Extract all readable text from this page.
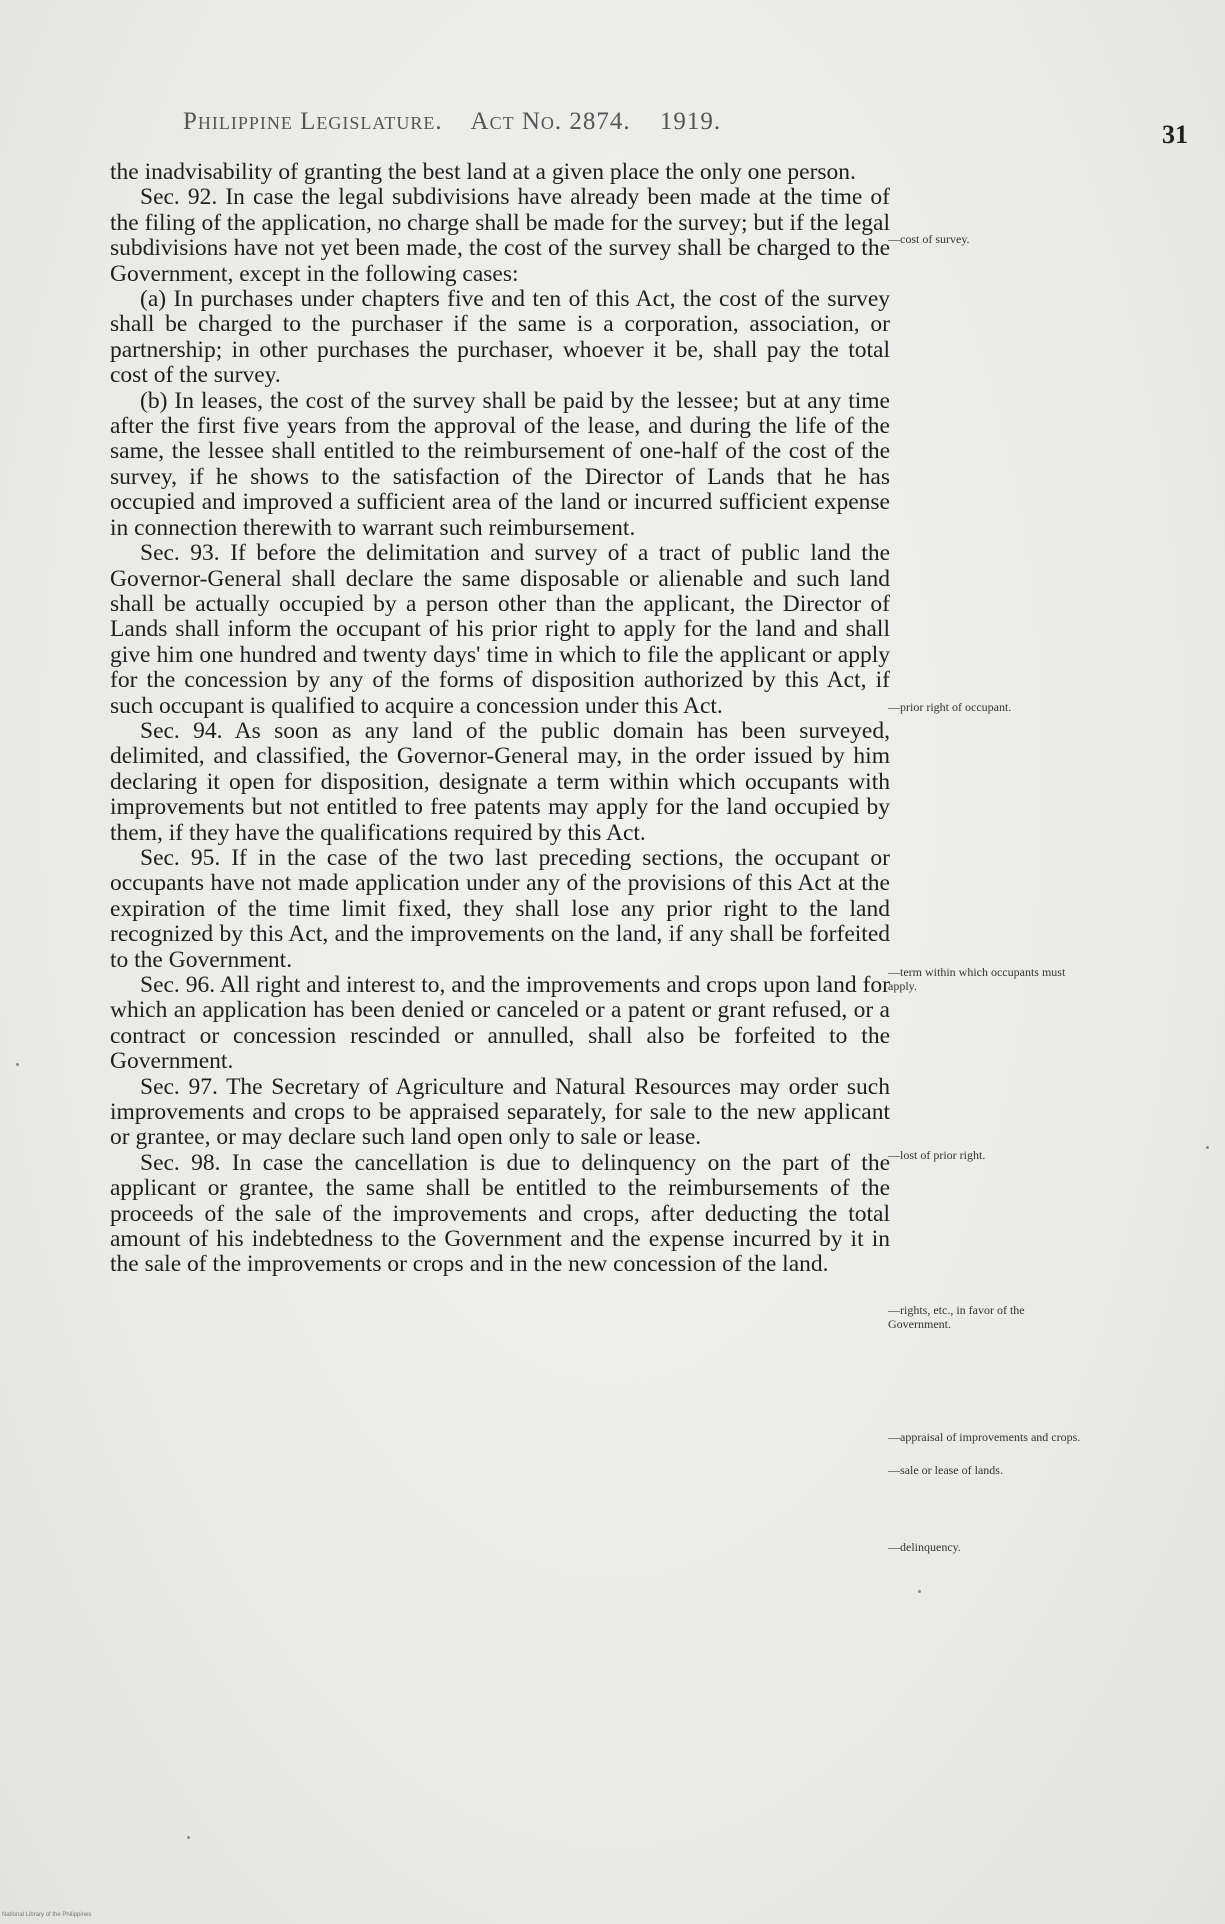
Philippine Legislature. Act No. 2874. 1919.	31

the inadvisability of granting the best land at a given place the only one person.

Sec. 92. In case the legal subdivisions have already been made at the time of the filing of the application, no charge shall be made for the survey; but if the legal subdivisions have not yet been made, the cost of the survey shall be charged to the Government, except in the following cases:

(a) In purchases under chapters five and ten of this Act, the cost of the survey shall be charged to the purchaser if the same is a corporation, association, or partnership; in other purchases the purchaser, whoever it be, shall pay the total cost of the survey.

(b) In leases, the cost of the survey shall be paid by the lessee; but at any time after the first five years from the approval of the lease, and during the life of the same, the lessee shall entitled to the reimbursement of one-half of the cost of the survey, if he shows to the satisfaction of the Director of Lands that he has occupied and improved a sufficient area of the land or incurred sufficient expense in connection therewith to warrant such reimbursement.

Sec. 93. If before the delimitation and survey of a tract of public land the Governor-General shall declare the same disposable or alienable and such land shall be actually occupied by a person other than the applicant, the Director of Lands shall inform the occupant of his prior right to apply for the land and shall give him one hundred and twenty days' time in which to file the applicant or apply for the concession by any of the forms of disposition authorized by this Act, if such occupant is qualified to acquire a concession under this Act.

Sec. 94. As soon as any land of the public domain has been surveyed, delimited, and classified, the Governor-General may, in the order issued by him declaring it open for disposition, designate a term within which occupants with improvements but not entitled to free patents may apply for the land occupied by them, if they have the qualifications required by this Act.

Sec. 95. If in the case of the two last preceding sections, the occupant or occupants have not made application under any of the provisions of this Act at the expiration of the time limit fixed, they shall lose any prior right to the land recognized by this Act, and the improvements on the land, if any shall be forfeited to the Government.

Sec. 96. All right and interest to, and the improvements and crops upon land for which an application has been denied or canceled or a patent or grant refused, or a contract or concession rescinded or annulled, shall also be forfeited to the Government.

Sec. 97. The Secretary of Agriculture and Natural Resources may order such improvements and crops to be appraised separately, for sale to the new applicant or grantee, or may declare such land open only to sale or lease.

Sec. 98. In case the cancellation is due to delinquency on the part of the applicant or grantee, the same shall be entitled to the reimbursements of the proceeds of the sale of the improvements and crops, after deducting the total amount of his indebtedness to the Government and the expense incurred by it in the sale of the improvements or crops and in the new concession of the land.

—cost of survey.
—prior right of occupant.
—term within which occupants must apply.
—lost of prior right.
—rights, etc., in favor of the Government.
—appraisal of improvements and crops.
—sale or lease of lands.
—delinquency.
National Library of the Philippines
